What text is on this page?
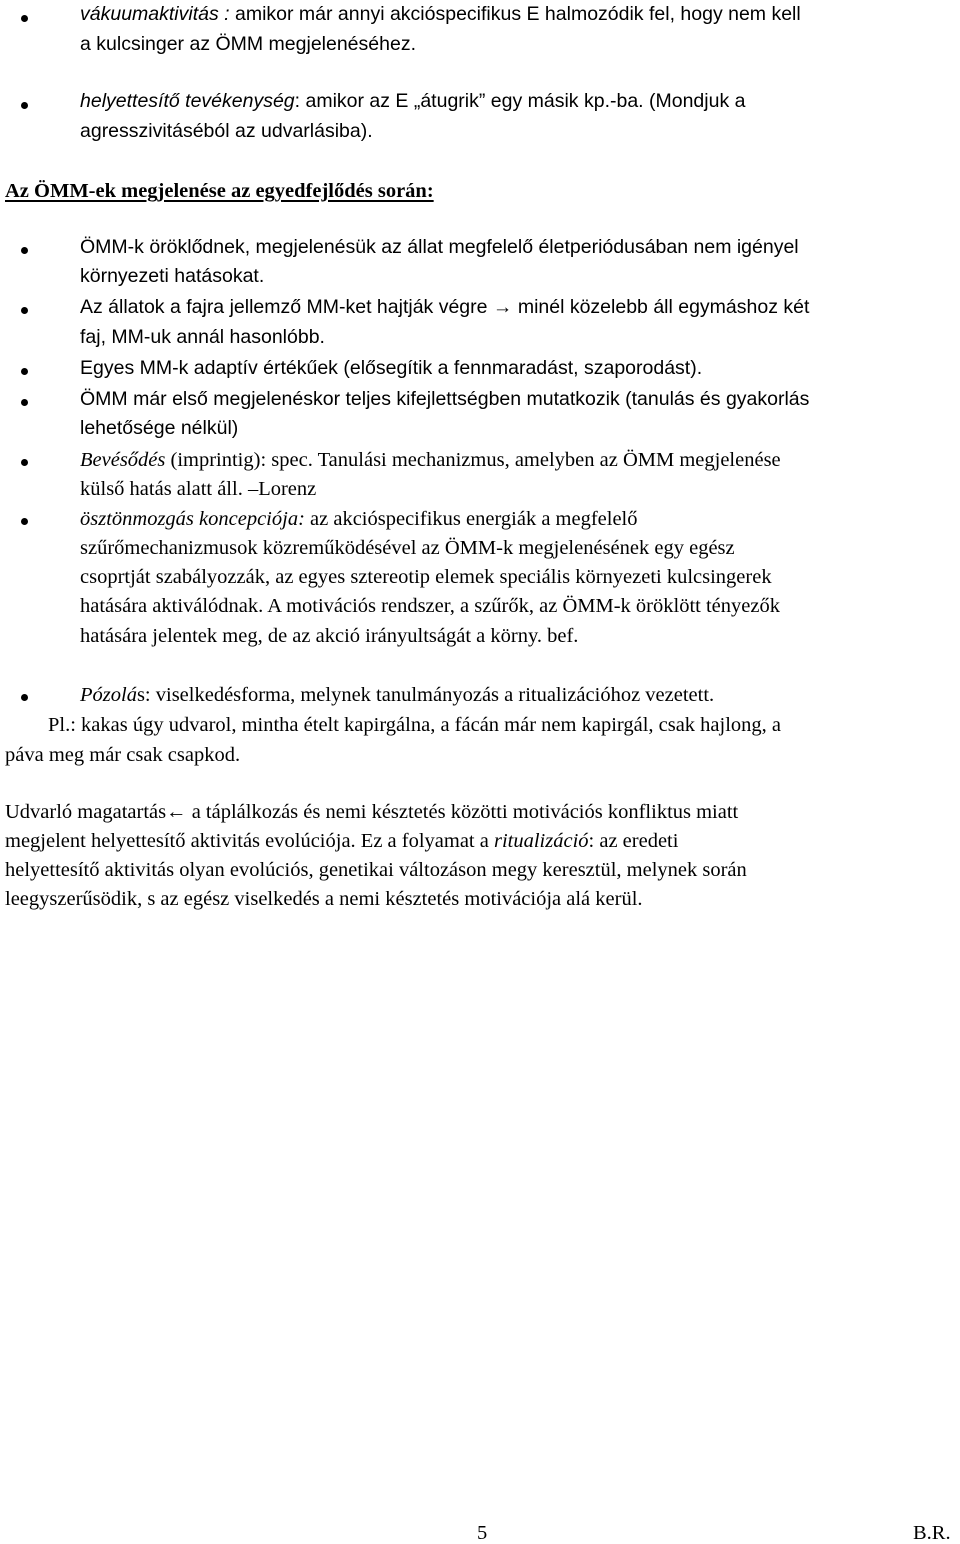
vákuumaktivitás : amikor már annyi akcióspecifikus E halmozódik fel, hogy nem kell
a kulcsinger az ÖMM megjelenéséhez.
helyettesítő tevékenység: amikor az E „átugrik” egy másik kp.-ba. (Mondjuk a
agresszivitáséból az udvarlásiba).
Az ÖMM-ek megjelenése az egyedfejlődés során:
ÖMM-k öröklődnek, megjelenésük az állat megfelelő életperiódusában nem igényel
környezeti hatásokat.
Az állatok a fajra jellemző MM-ket hajtják végre → minél közelebb áll egymáshoz két
faj, MM-uk annál hasonlóbb.
Egyes MM-k adaptív értékűek (elősegítik a fennmaradást, szaporodást).
ÖMM már első megjelenéskor teljes kifejlettségben mutatkozik (tanulás és gyakorlás
lehetősége nélkül)
Bevésődés (imprintig): spec. Tanulási mechanizmus, amelyben az ÖMM megjelenése
külső hatás alatt áll. –Lorenz
ösztönmozgás koncepciója: az akcióspecifikus energiák a megfelelő
szűrőmechanizmusok közreműködésével az ÖMM-k megjelenésének egy egész
csoprtját szabályozzák, az egyes sztereotip elemek speciális környezeti kulcsingerek
hatására aktiválódnak. A motivációs rendszer, a szűrők, az ÖMM-k öröklött tényezők
hatására jelentek meg, de az akció irányultságát a körny. bef.
Pózolás: viselkedésforma, melynek tanulmányozás a ritualizációhoz vezetett.
Pl.: kakas úgy udvarol, mintha ételt kapirgálna, a fácán már nem kapirgál, csak hajlong, a
páva meg már csak csapkod.
Udvarló magatartás← a táplálkozás és nemi késztetés közötti motivációs konfliktus miatt
megjelent helyettesítő aktivitás evolúciója. Ez a folyamat a ritualizáció: az eredeti
helyettesítő aktivitás olyan evolúciós, genetikai változáson megy keresztül, melynek során
leegyszerűsödik, s az egész viselkedés a nemi késztetés motivációja alá kerül.
5	B.R.
